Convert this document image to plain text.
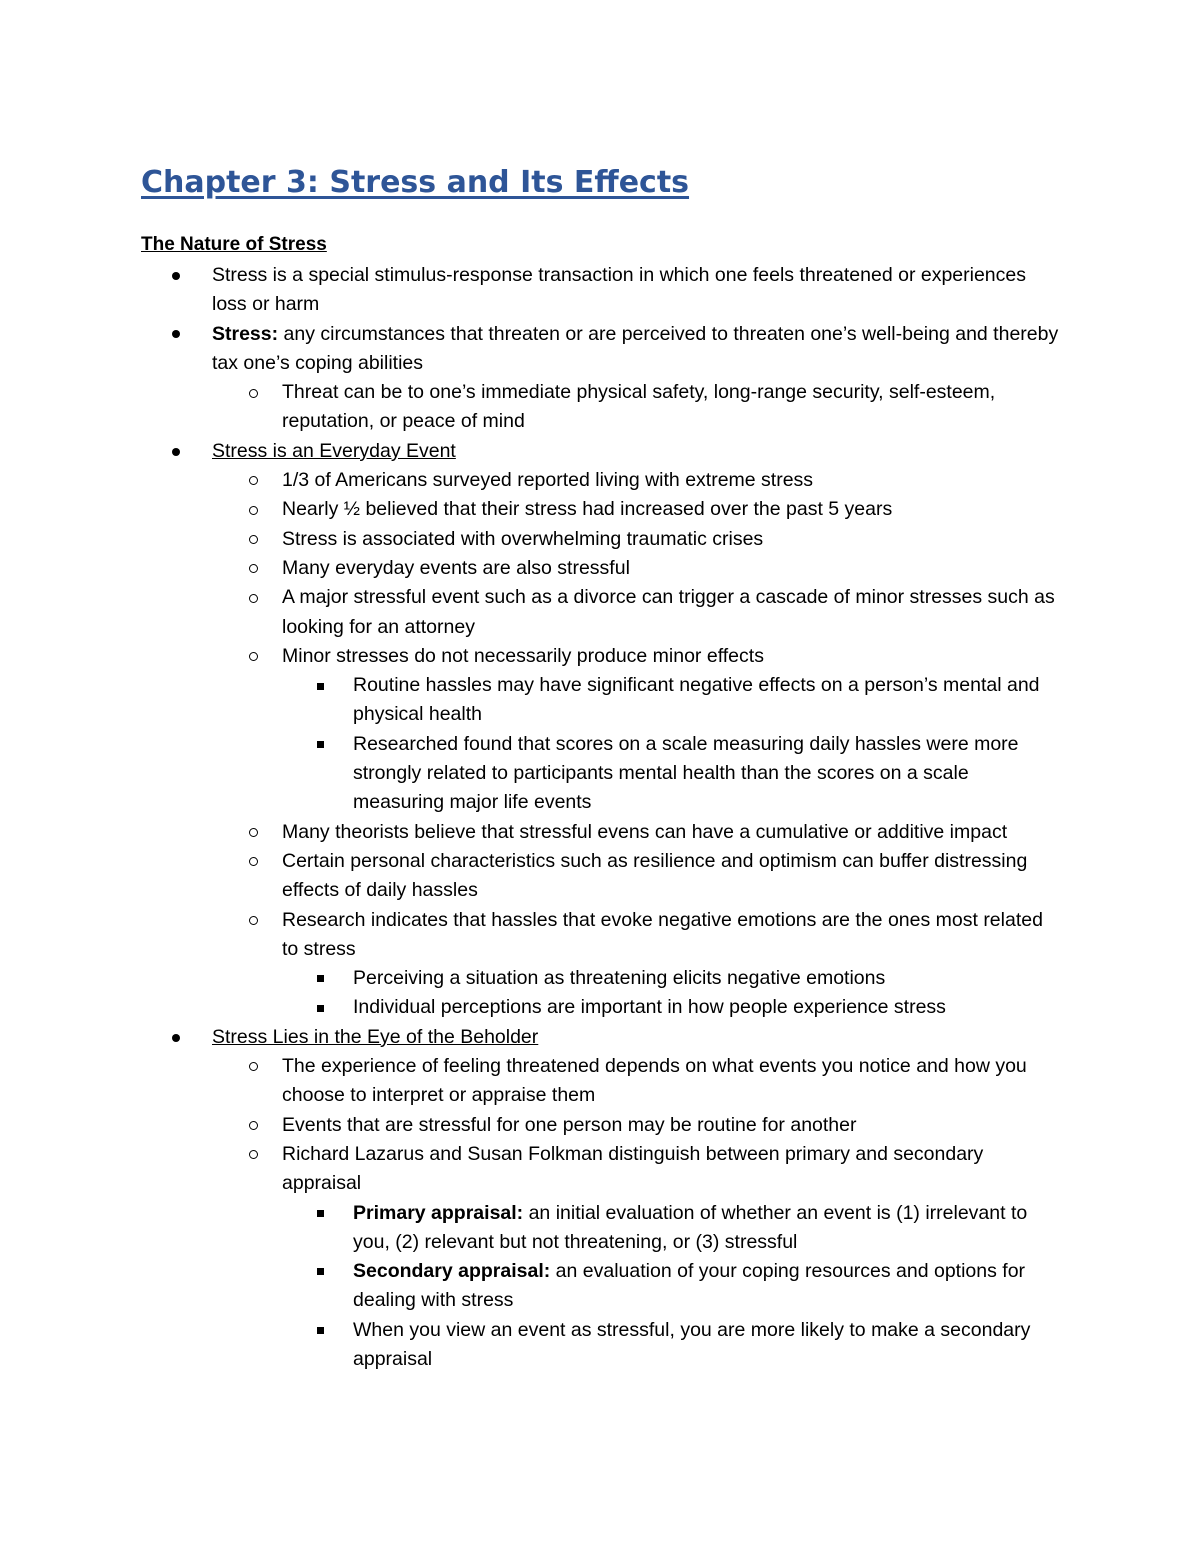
Chapter 3: Stress and Its Effects
The Nature of Stress
Stress is a special stimulus-response transaction in which one feels threatened or experiences loss or harm
Stress: any circumstances that threaten or are perceived to threaten one’s well-being and thereby tax one’s coping abilities
Threat can be to one’s immediate physical safety, long-range security, self-esteem, reputation, or peace of mind
Stress is an Everyday Event
1/3 of Americans surveyed reported living with extreme stress
Nearly ½ believed that their stress had increased over the past 5 years
Stress is associated with overwhelming traumatic crises
Many everyday events are also stressful
A major stressful event such as a divorce can trigger a cascade of minor stresses such as looking for an attorney
Minor stresses do not necessarily produce minor effects
Routine hassles may have significant negative effects on a person’s mental and physical health
Researched found that scores on a scale measuring daily hassles were more strongly related to participants mental health than the scores on a scale measuring major life events
Many theorists believe that stressful evens can have a cumulative or additive impact
Certain personal characteristics such as resilience and optimism can buffer distressing effects of daily hassles
Research indicates that hassles that evoke negative emotions are the ones most related to stress
Perceiving a situation as threatening elicits negative emotions
Individual perceptions are important in how people experience stress
Stress Lies in the Eye of the Beholder
The experience of feeling threatened depends on what events you notice and how you choose to interpret or appraise them
Events that are stressful for one person may be routine for another
Richard Lazarus and Susan Folkman distinguish between primary and secondary appraisal
Primary appraisal: an initial evaluation of whether an event is (1) irrelevant to you, (2) relevant but not threatening, or (3) stressful
Secondary appraisal: an evaluation of your coping resources and options for dealing with stress
When you view an event as stressful, you are more likely to make a secondary appraisal
